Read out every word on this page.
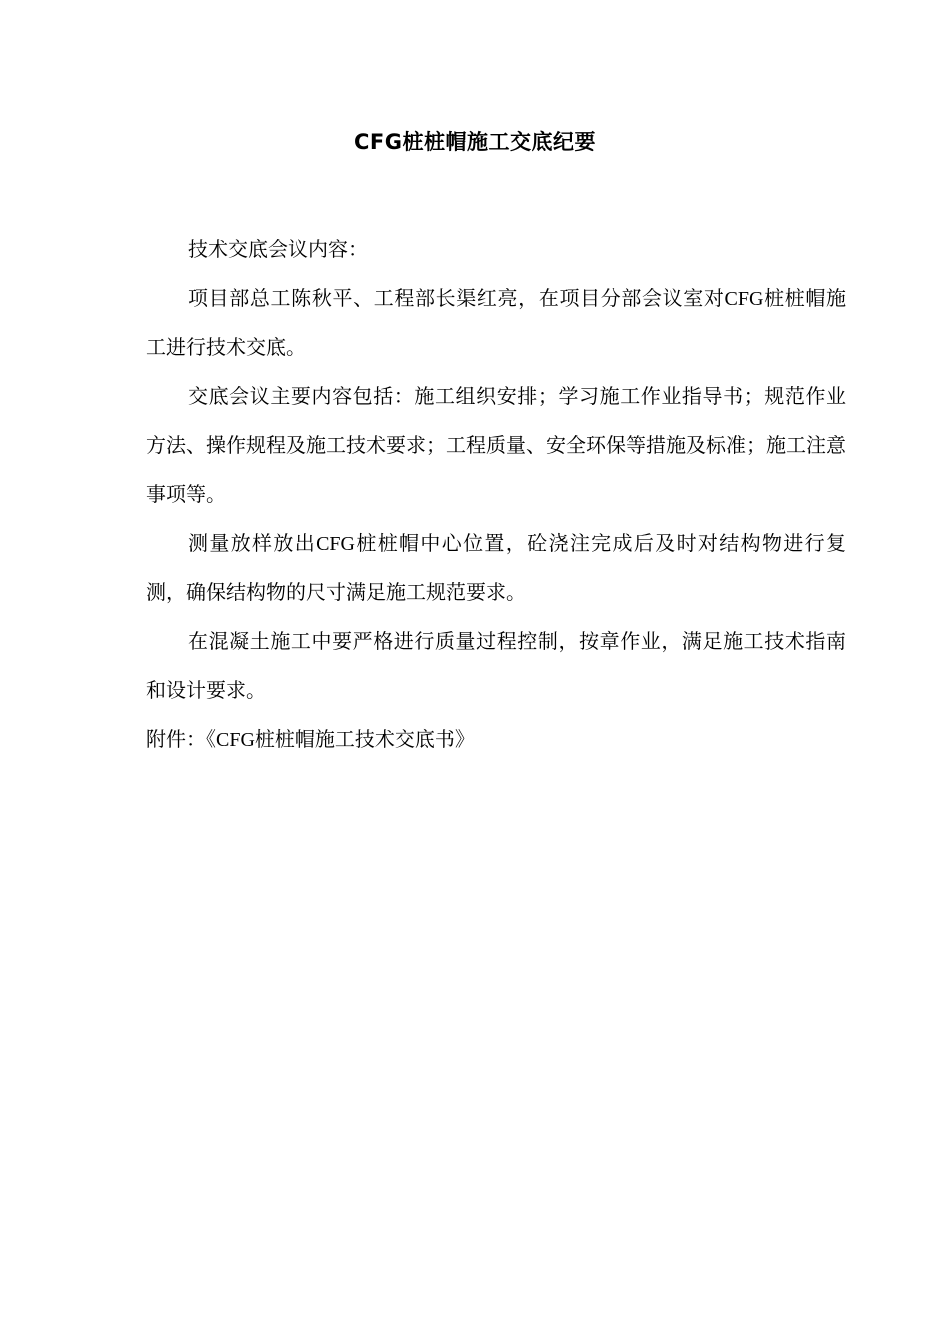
CFG桩桩帽施工交底纪要

技术交底会议内容：

项目部总工陈秋平、工程部长渠红亮，在项目分部会议室对CFG桩桩帽施工进行技术交底。

交底会议主要内容包括：施工组织安排；学习施工作业指导书；规范作业方法、操作规程及施工技术要求；工程质量、安全环保等措施及标准；施工注意事项等。

测量放样放出CFG桩桩帽中心位置，砼浇注完成后及时对结构物进行复测，确保结构物的尺寸满足施工规范要求。

在混凝土施工中要严格进行质量过程控制，按章作业，满足施工技术指南和设计要求。

附件：《CFG桩桩帽施工技术交底书》
